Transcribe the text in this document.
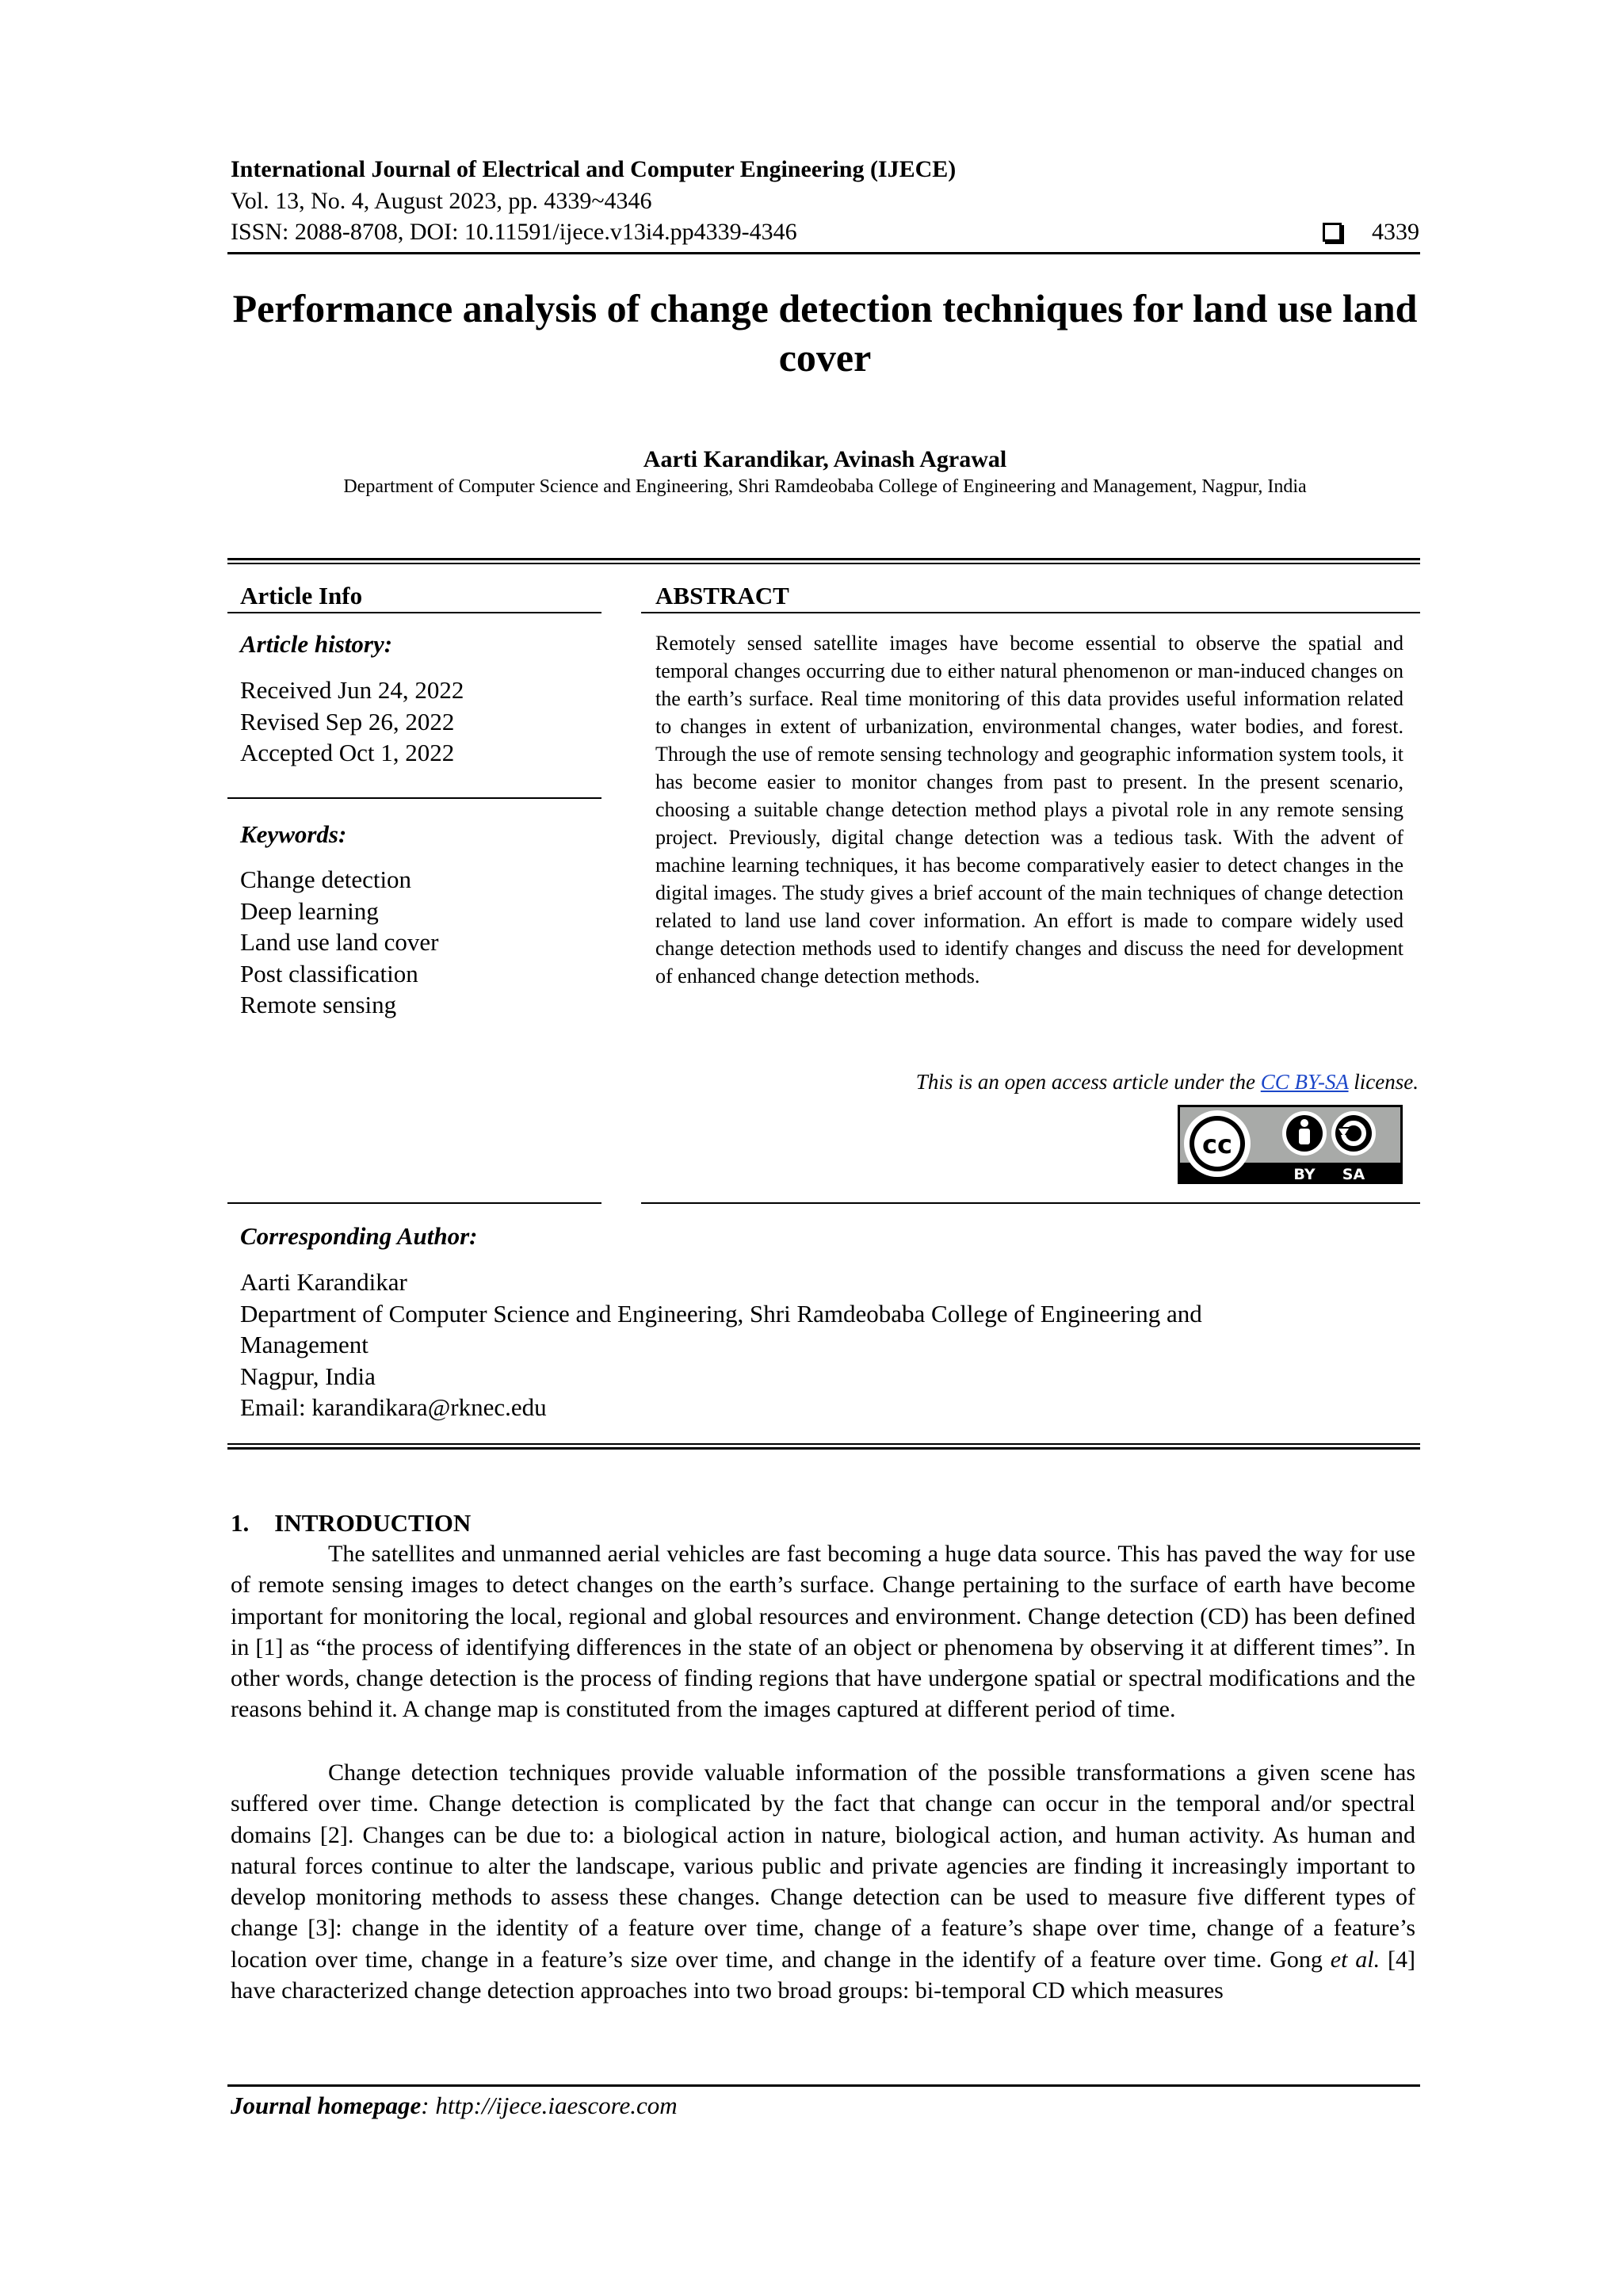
International Journal of Electrical and Computer Engineering (IJECE)
Vol. 13, No. 4, August 2023, pp. 4339~4346
ISSN: 2088-8708, DOI: 10.11591/ijece.v13i4.pp4339-4346	4339
Performance analysis of change detection techniques for land use land cover
Aarti Karandikar, Avinash Agrawal
Department of Computer Science and Engineering, Shri Ramdeobaba College of Engineering and Management, Nagpur, India
Article Info
Article history:
Received Jun 24, 2022
Revised Sep 26, 2022
Accepted Oct 1, 2022
Keywords:
Change detection
Deep learning
Land use land cover
Post classification
Remote sensing
ABSTRACT
Remotely sensed satellite images have become essential to observe the spatial and temporal changes occurring due to either natural phenomenon or man-induced changes on the earth’s surface. Real time monitoring of this data provides useful information related to changes in extent of urbanization, environmental changes, water bodies, and forest. Through the use of remote sensing technology and geographic information system tools, it has become easier to monitor changes from past to present. In the present scenario, choosing a suitable change detection method plays a pivotal role in any remote sensing project. Previously, digital change detection was a tedious task. With the advent of machine learning techniques, it has become comparatively easier to detect changes in the digital images. The study gives a brief account of the main techniques of change detection related to land use land cover information. An effort is made to compare widely used change detection methods used to identify changes and discuss the need for development of enhanced change detection methods.
This is an open access article under the CC BY-SA license.
cc
BY SA
Corresponding Author:
Aarti Karandikar
Department of Computer Science and Engineering, Shri Ramdeobaba College of Engineering and
Management
Nagpur, India
Email: karandikara@rknec.edu
1. INTRODUCTION
The satellites and unmanned aerial vehicles are fast becoming a huge data source. This has paved the way for use of remote sensing images to detect changes on the earth’s surface. Change pertaining to the surface of earth have become important for monitoring the local, regional and global resources and environment. Change detection (CD) has been defined in [1] as “the process of identifying differences in the state of an object or phenomena by observing it at different times”. In other words, change detection is the process of finding regions that have undergone spatial or spectral modifications and the reasons behind it. A change map is constituted from the images captured at different period of time.
Change detection techniques provide valuable information of the possible transformations a given scene has suffered over time. Change detection is complicated by the fact that change can occur in the temporal and/or spectral domains [2]. Changes can be due to: a biological action in nature, biological action, and human activity. As human and natural forces continue to alter the landscape, various public and private agencies are finding it increasingly important to develop monitoring methods to assess these changes. Change detection can be used to measure five different types of change [3]: change in the identity of a feature over time, change of a feature’s shape over time, change of a feature’s location over time, change in a feature’s size over time, and change in the identify of a feature over time. Gong et al. [4] have characterized change detection approaches into two broad groups: bi-temporal CD which measures
Journal homepage: http://ijece.iaescore.com
